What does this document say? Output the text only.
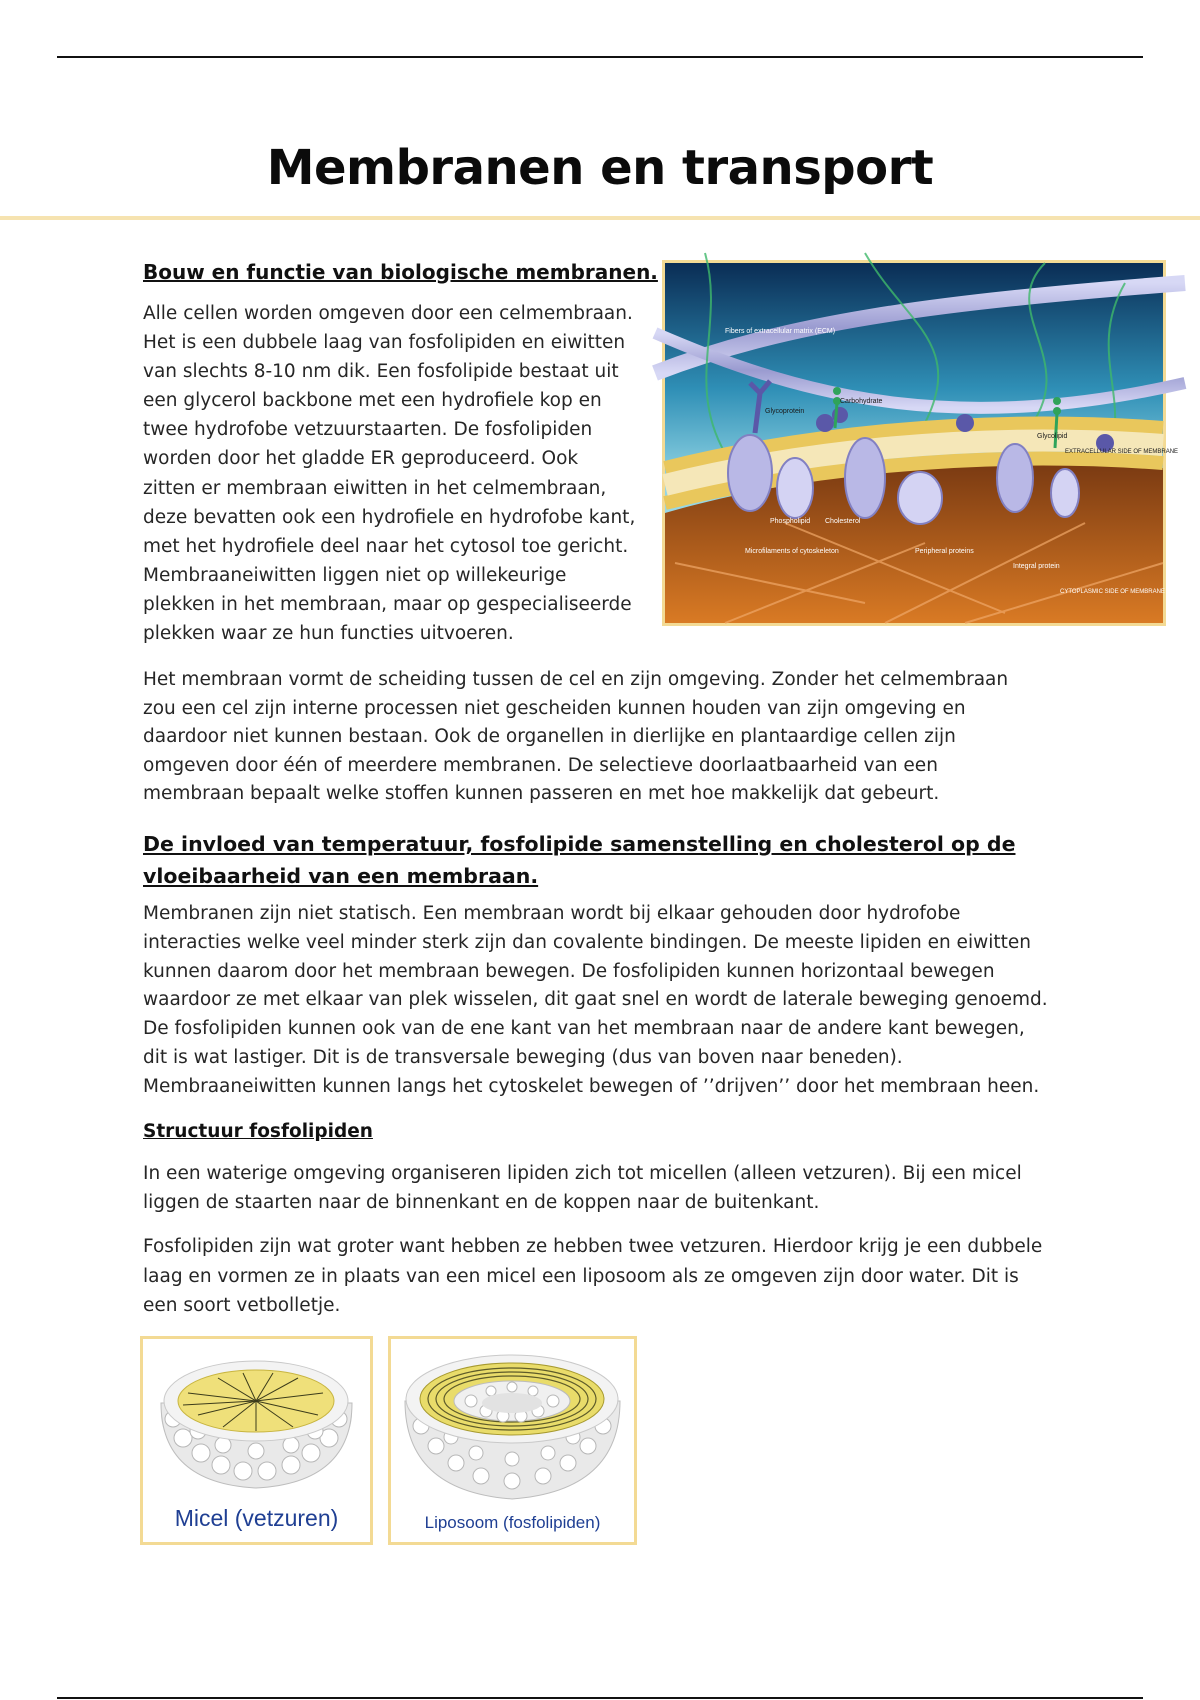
Membranen en transport
Bouw en functie van biologische membranen.
Alle cellen worden omgeven door een celmembraan.
Het is een dubbele laag van fosfolipiden en eiwitten
van slechts 8-10 nm dik. Een fosfolipide bestaat uit
een glycerol backbone met een hydrofiele kop en
twee hydrofobe vetzuurstaarten. De fosfolipiden
worden door het gladde ER geproduceerd. Ook
zitten er membraan eiwitten in het celmembraan,
deze bevatten ook een hydrofiele en hydrofobe kant,
met het hydrofiele deel naar het cytosol toe gericht.
Membraaneiwitten liggen niet op willekeurige
plekken in het membraan, maar op gespecialiseerde
plekken waar ze hun functies uitvoeren.
Fibers of extracellular matrix (ECM)
Glycoprotein
Carbohydrate
Glycolipid
EXTRACELLULAR SIDE OF MEMBRANE
Phospholipid Cholesterol
Microfilaments of cytoskeleton	Peripheral proteins
Integral protein
CYTOPLASMIC SIDE OF MEMBRANE
Het membraan vormt de scheiding tussen de cel en zijn omgeving. Zonder het celmembraan
zou een cel zijn interne processen niet gescheiden kunnen houden van zijn omgeving en
daardoor niet kunnen bestaan. Ook de organellen in dierlijke en plantaardige cellen zijn
omgeven door één of meerdere membranen. De selectieve doorlaatbaarheid van een
membraan bepaalt welke stoffen kunnen passeren en met hoe makkelijk dat gebeurt.
De invloed van temperatuur, fosfolipide samenstelling en cholesterol op de
vloeibaarheid van een membraan.
Membranen zijn niet statisch. Een membraan wordt bij elkaar gehouden door hydrofobe
interacties welke veel minder sterk zijn dan covalente bindingen. De meeste lipiden en eiwitten
kunnen daarom door het membraan bewegen. De fosfolipiden kunnen horizontaal bewegen
waardoor ze met elkaar van plek wisselen, dit gaat snel en wordt de laterale beweging genoemd.
De fosfolipiden kunnen ook van de ene kant van het membraan naar de andere kant bewegen,
dit is wat lastiger. Dit is de transversale beweging (dus van boven naar beneden).
Membraaneiwitten kunnen langs het cytoskelet bewegen of ’’drijven’’ door het membraan heen.
Structuur fosfolipiden
In een waterige omgeving organiseren lipiden zich tot micellen (alleen vetzuren). Bij een micel
liggen de staarten naar de binnenkant en de koppen naar de buitenkant.
Fosfolipiden zijn wat groter want hebben ze hebben twee vetzuren. Hierdoor krijg je een dubbele
laag en vormen ze in plaats van een micel een liposoom als ze omgeven zijn door water. Dit is
een soort vetbolletje.
Micel (vetzuren)	Liposoom (fosfolipiden)
